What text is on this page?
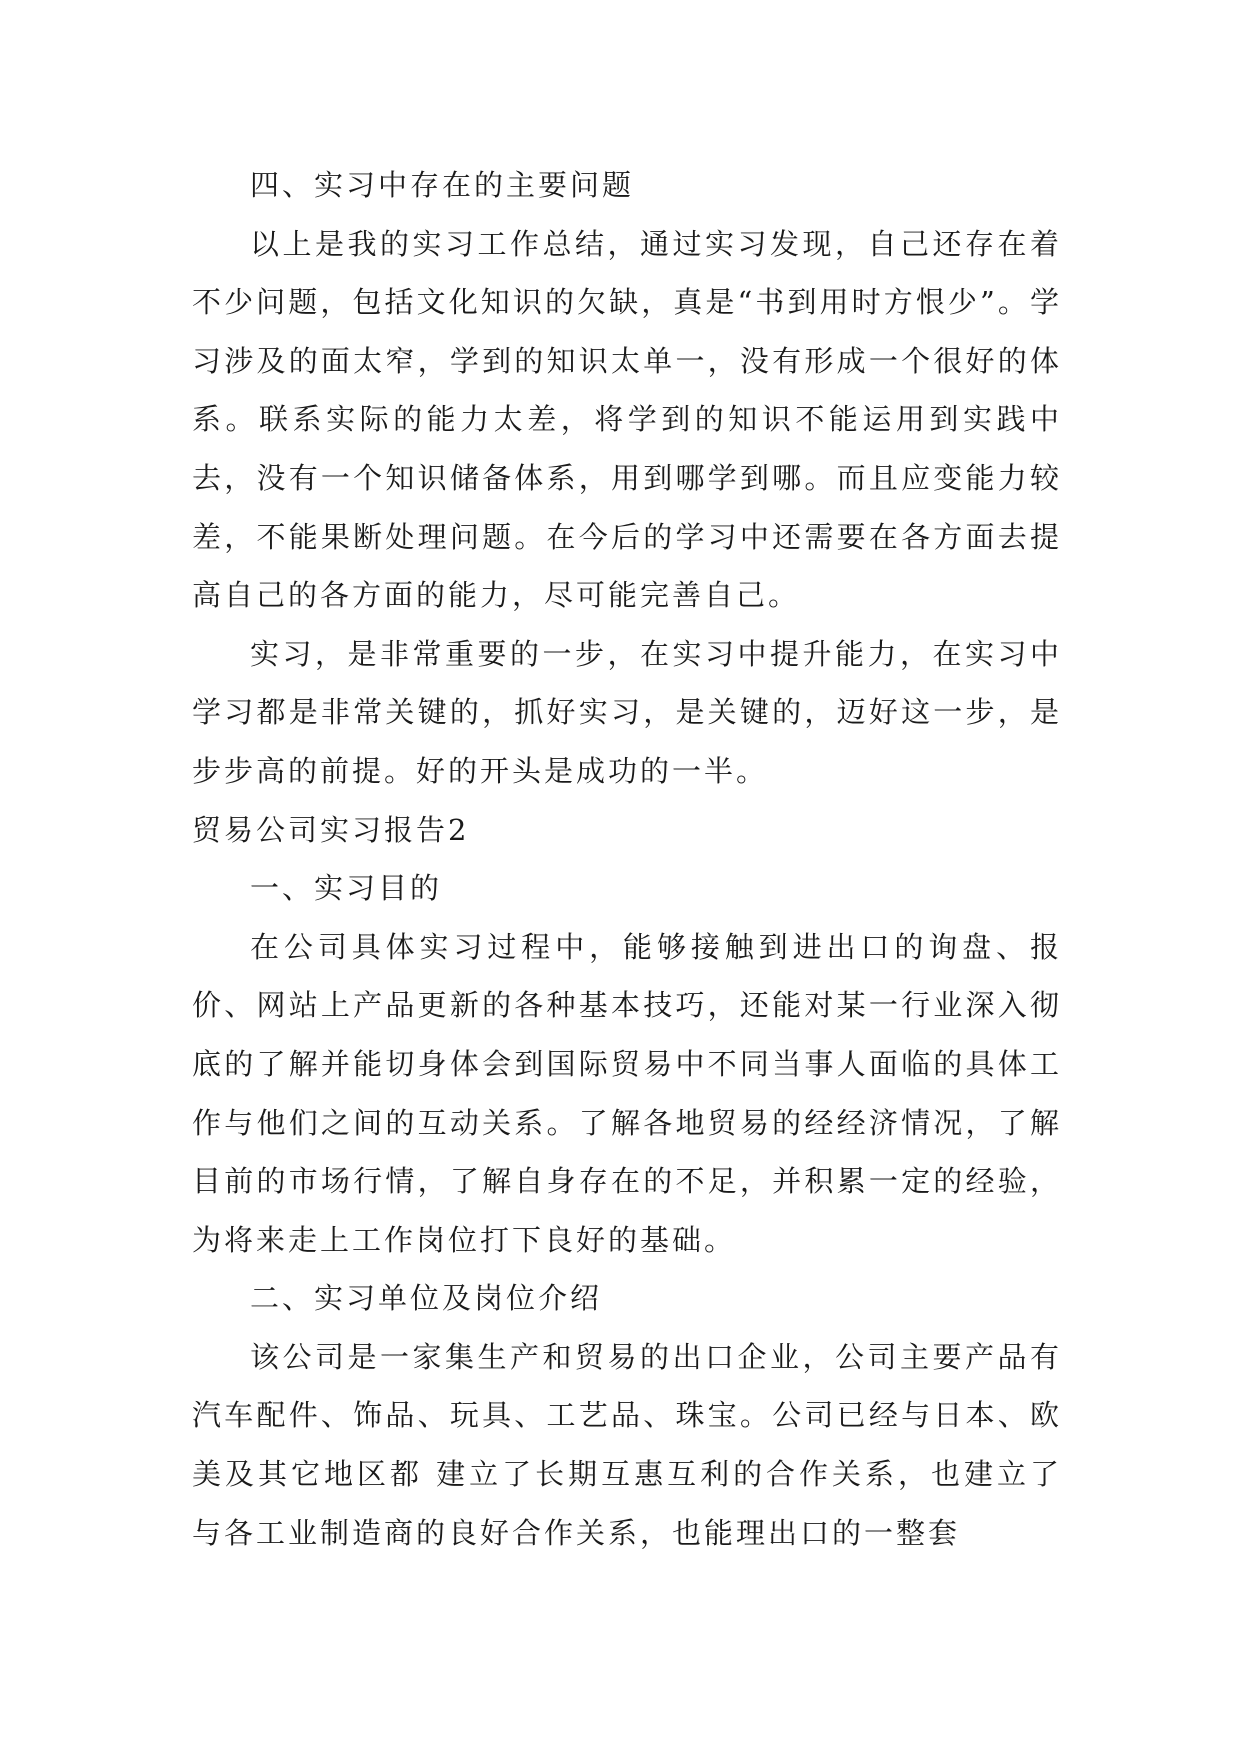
四、实习中存在的主要问题

以上是我的实习工作总结，通过实习发现，自己还存在着不少问题，包括文化知识的欠缺，真是“书到用时方恨少”。学习涉及的面太窄，学到的知识太单一，没有形成一个很好的体系。联系实际的能力太差，将学到的知识不能运用到实践中去，没有一个知识储备体系，用到哪学到哪。而且应变能力较差，不能果断处理问题。在今后的学习中还需要在各方面去提高自己的各方面的能力，尽可能完善自己。

实习，是非常重要的一步，在实习中提升能力，在实习中学习都是非常关键的，抓好实习，是关键的，迈好这一步，是步步高的前提。好的开头是成功的一半。

贸易公司实习报告2

一、实习目的

在公司具体实习过程中，能够接触到进出口的询盘、报价、网站上产品更新的各种基本技巧，还能对某一行业深入彻底的了解并能切身体会到国际贸易中不同当事人面临的具体工作与他们之间的互动关系。了解各地贸易的经经济情况，了解目前的市场行情，了解自身存在的不足，并积累一定的经验，为将来走上工作岗位打下良好的基础。

二、实习单位及岗位介绍

该公司是一家集生产和贸易的出口企业，公司主要产品有汽车配件、饰品、玩具、工艺品、珠宝。公司已经与日本、欧美及其它地区都 建立了长期互惠互利的合作关系，也建立了与各工业制造商的良好合作关系，也能理出口的一整套
